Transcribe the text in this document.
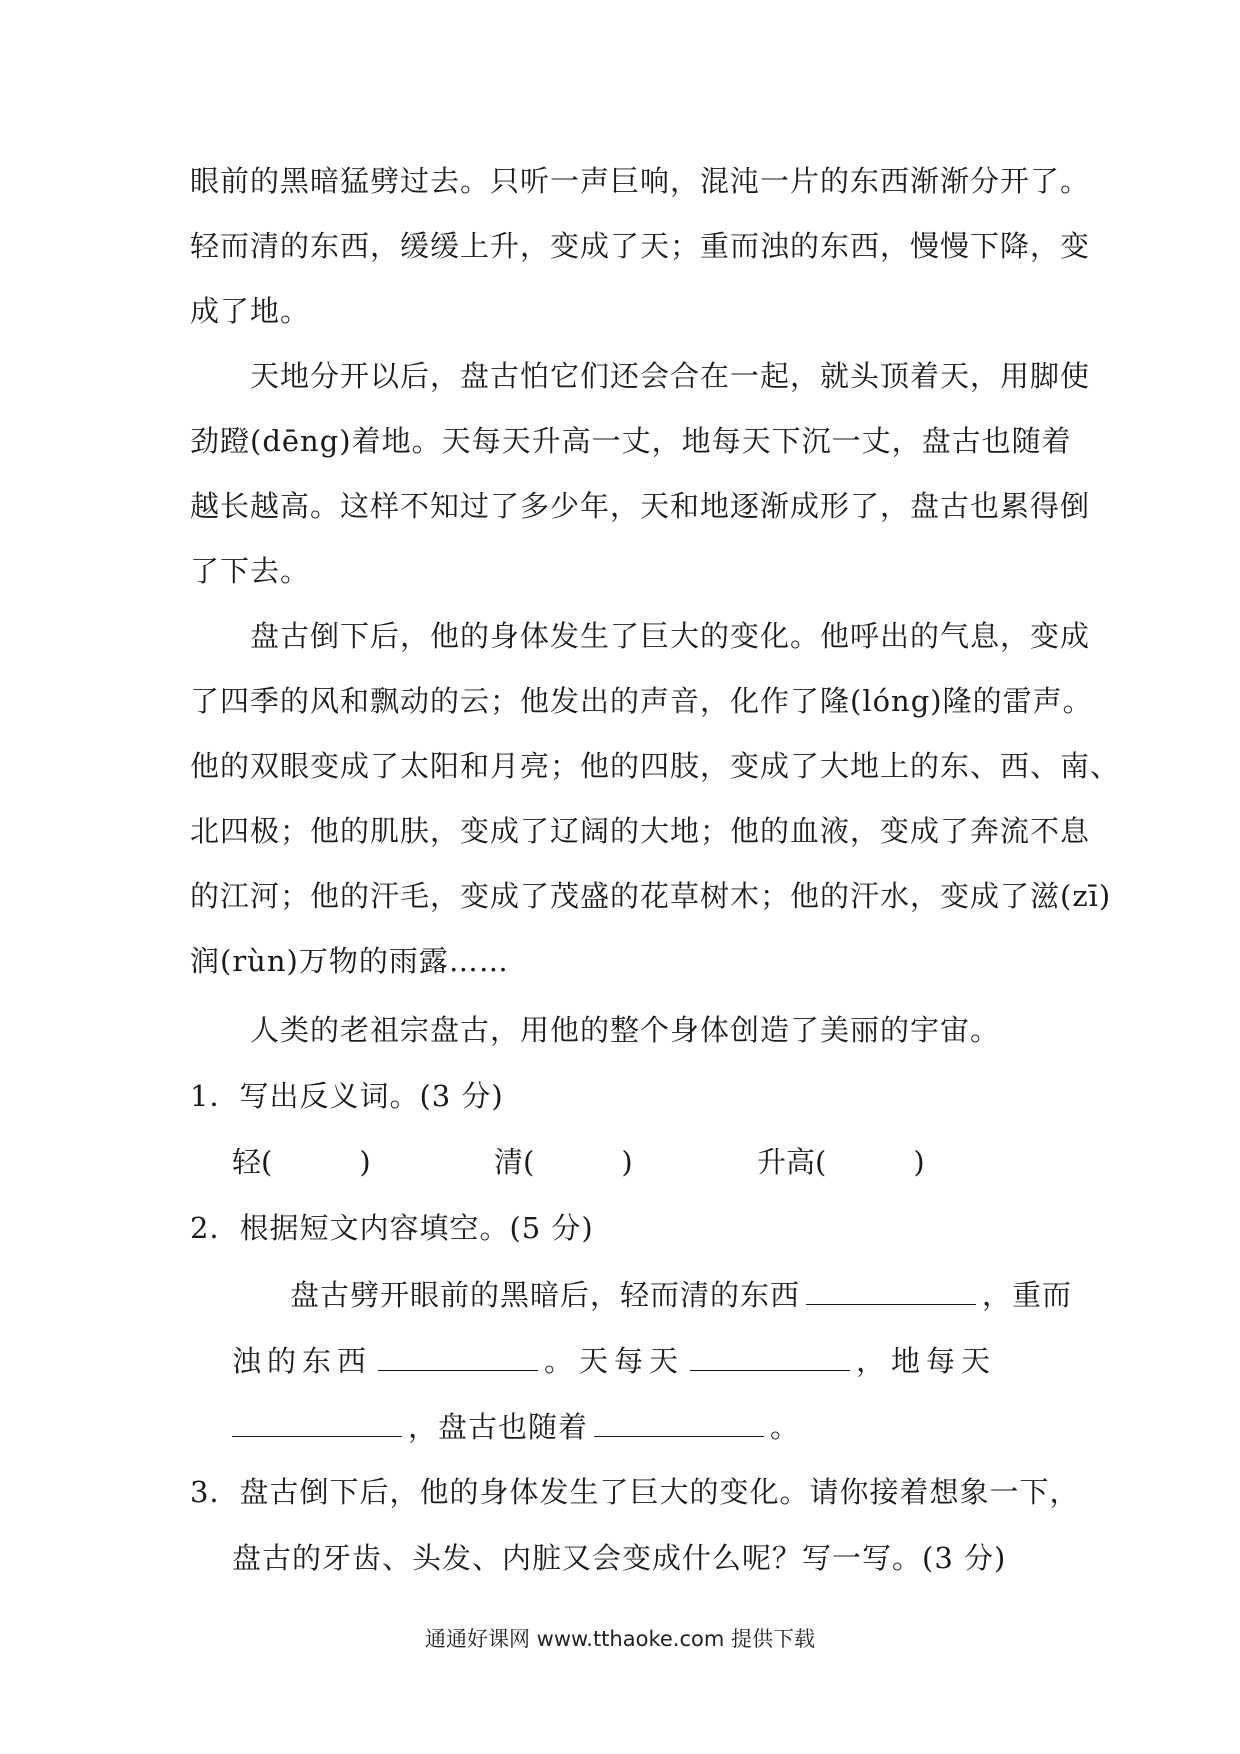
眼前的黑暗猛劈过去。只听一声巨响，混沌一片的东西渐渐分开了。
轻而清的东西，缓缓上升，变成了天；重而浊的东西，慢慢下降，变
成了地。
天地分开以后，盘古怕它们还会合在一起，就头顶着天，用脚使
劲蹬(dēng)着地。天每天升高一丈，地每天下沉一丈，盘古也随着
越长越高。这样不知过了多少年，天和地逐渐成形了，盘古也累得倒
了下去。
盘古倒下后，他的身体发生了巨大的变化。他呼出的气息，变成
了四季的风和飘动的云；他发出的声音，化作了隆(lóng)隆的雷声。
他的双眼变成了太阳和月亮；他的四肢，变成了大地上的东、西、南、
北四极；他的肌肤，变成了辽阔的大地；他的血液，变成了奔流不息
的江河；他的汗毛，变成了茂盛的花草树木；他的汗水，变成了滋(zī)
润(rùn)万物的雨露……
人类的老祖宗盘古，用他的整个身体创造了美丽的宇宙。
1．写出反义词。(3 分)
轻(　　　)	清(　　　)	升高(　　　)
2．根据短文内容填空。(5 分)
盘古劈开眼前的黑暗后，轻而清的东西	，重而
浊的东西	。天每天	，地每天
，盘古也随着	。
3．盘古倒下后，他的身体发生了巨大的变化。请你接着想象一下，
盘古的牙齿、头发、内脏又会变成什么呢？写一写。(3 分)
通通好课网 www.tthaoke.com 提供下载
